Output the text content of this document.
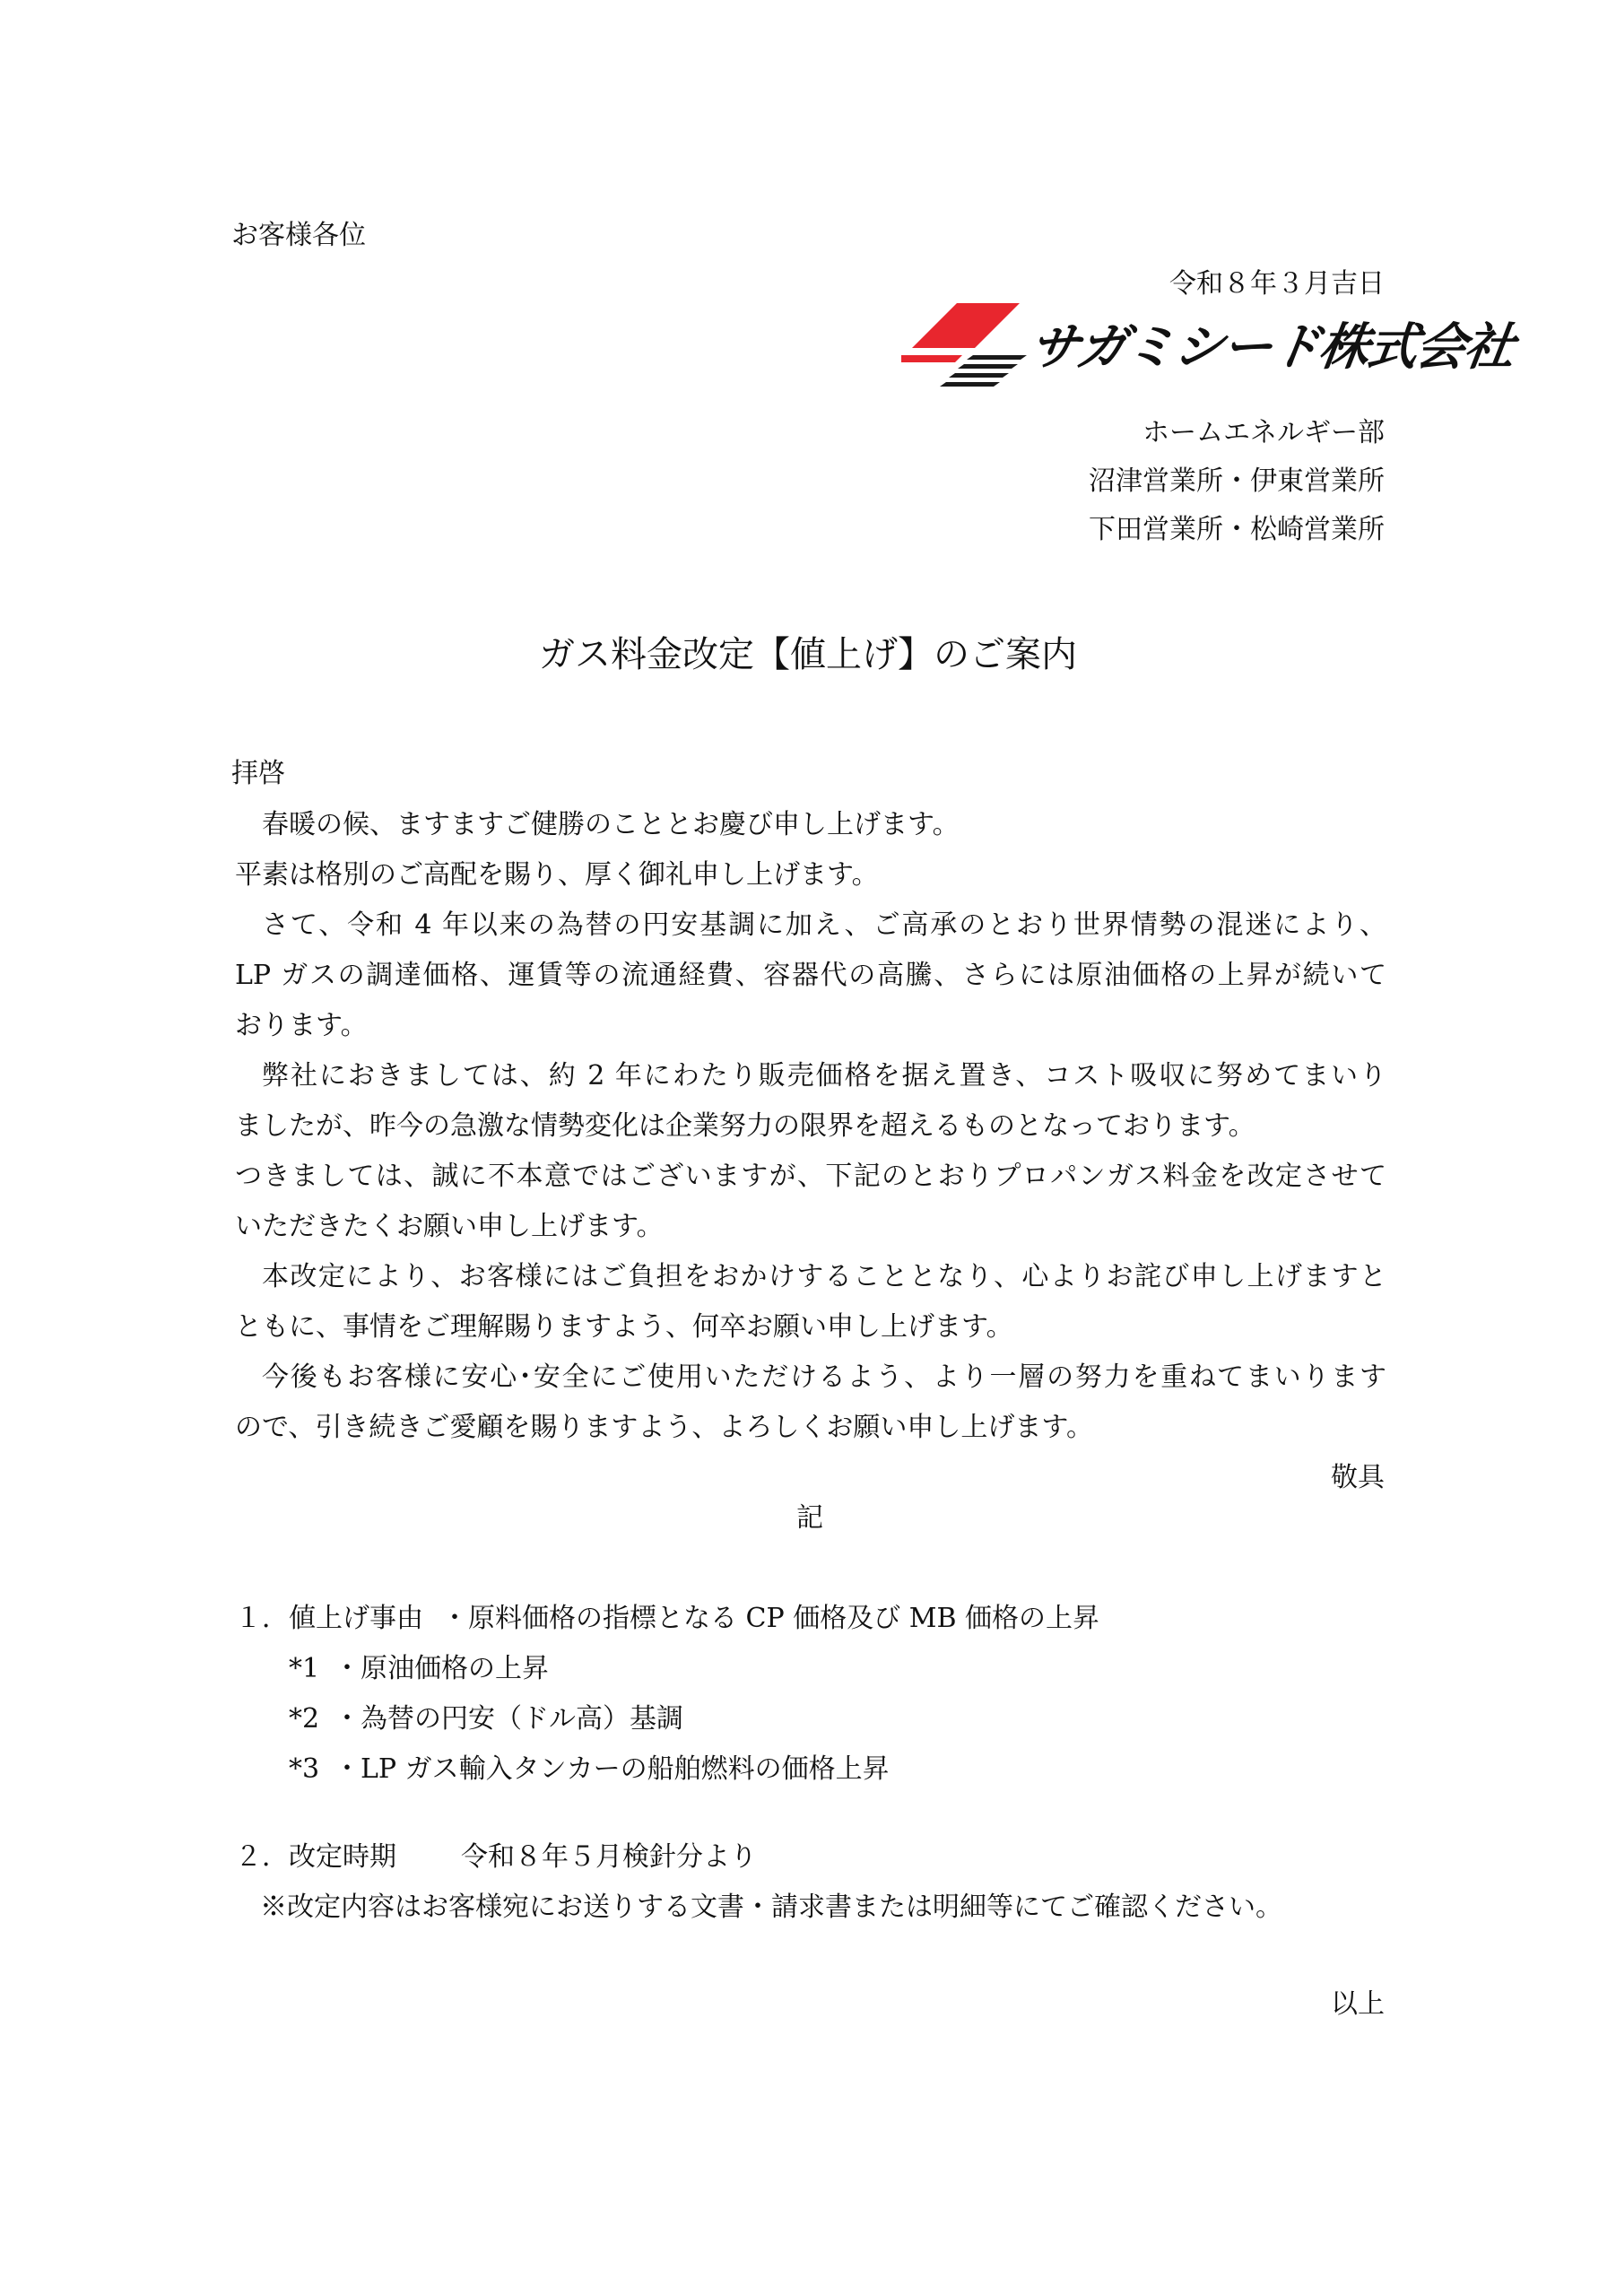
お客様各位
令和８年３月吉日
サガミシード株式会社
ホームエネルギー部
沼津営業所・伊東営業所
下田営業所・松崎営業所
ガス料金改定【値上げ】のご案内
拝啓
春暖の候、ますますご健勝のこととお慶び申し上げます。
平素は格別のご高配を賜り、厚く御礼申し上げます。
さて、令和 4 年以来の為替の円安基調に加え、ご高承のとおり世界情勢の混迷により、
LP ガスの調達価格、運賃等の流通経費、容器代の高騰、さらには原油価格の上昇が続いて
おります。
弊社におきましては、約 2 年にわたり販売価格を据え置き、コスト吸収に努めてまいり
ましたが、昨今の急激な情勢変化は企業努力の限界を超えるものとなっております。
つきましては、誠に不本意ではございますが、下記のとおりプロパンガス料金を改定させて
いただきたくお願い申し上げます。
本改定により、お客様にはご負担をおかけすることとなり、心よりお詫び申し上げますと
ともに、事情をご理解賜りますよう、何卒お願い申し上げます。
今後もお客様に安心･安全にご使用いただけるよう、より一層の努力を重ねてまいります
ので、引き続きご愛顧を賜りますよう、よろしくお願い申し上げます。
敬具
記
１．値上げ事由 ・原料価格の指標となる CP 価格及び MB 価格の上昇
*1 ・原油価格の上昇
*2 ・為替の円安（ドル高）基調
*3 ・LP ガス輸入タンカーの船舶燃料の価格上昇
２．改定時期 令和８年５月検針分より
※改定内容はお客様宛にお送りする文書・請求書または明細等にてご確認ください。
以上
